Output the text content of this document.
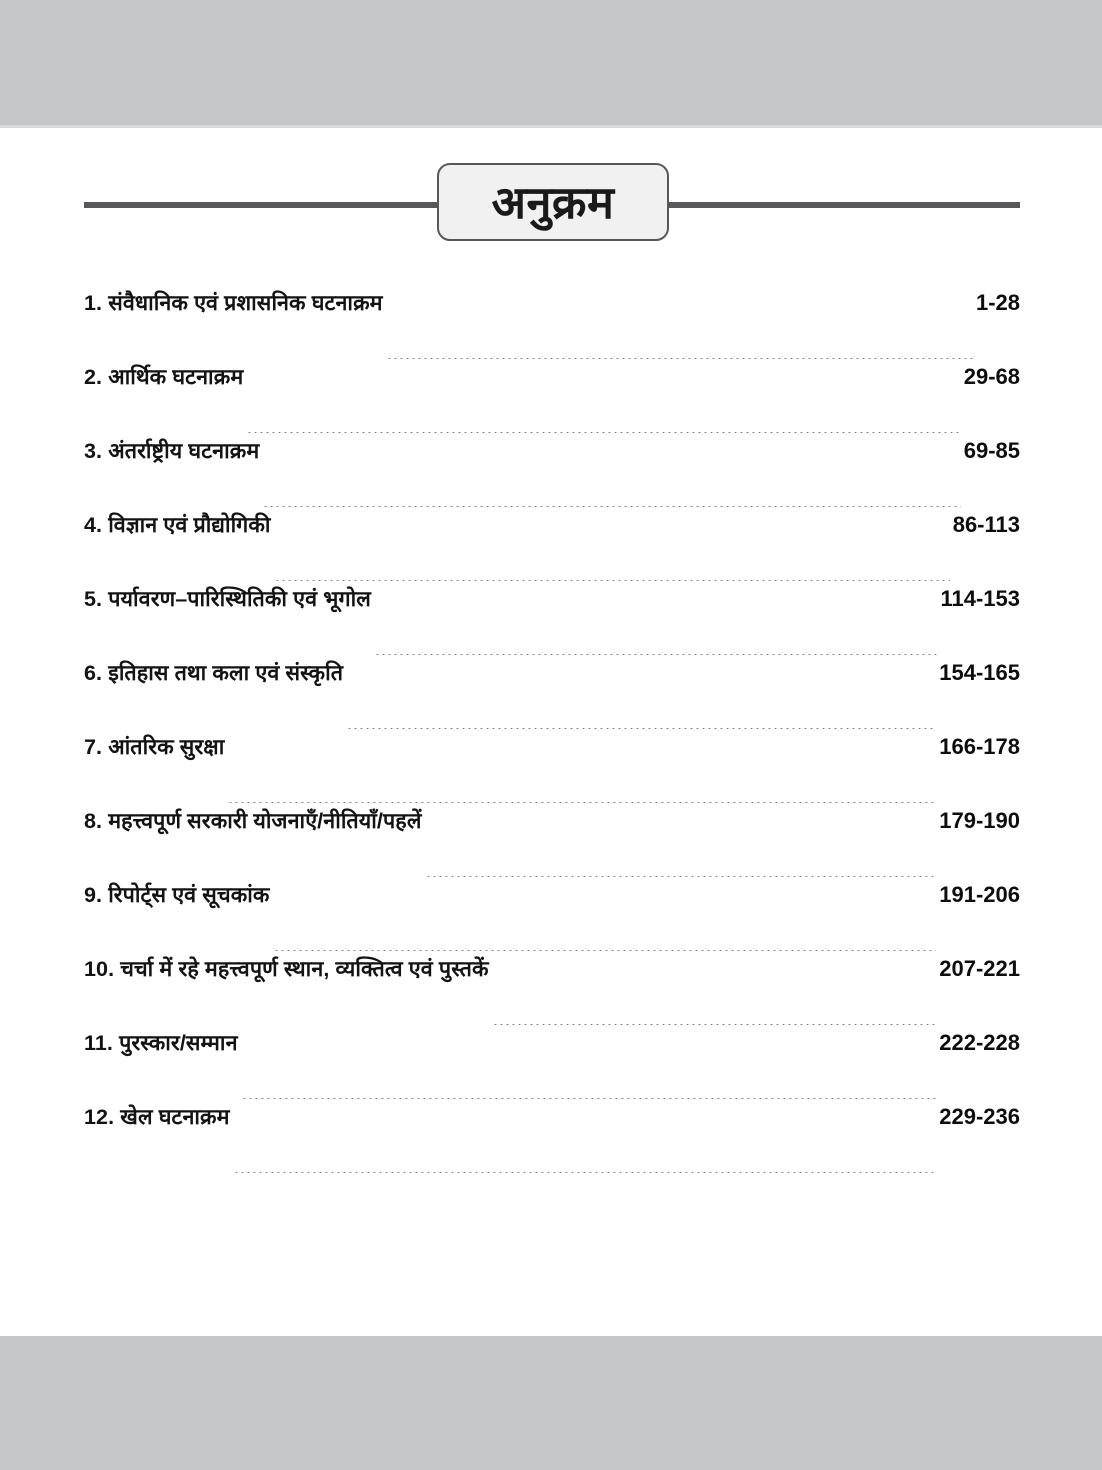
अनुक्रम
1. संवैधानिक एवं प्रशासनिक घटनाक्रम	1-28
2. आर्थिक घटनाक्रम	29-68
3. अंतर्राष्ट्रीय घटनाक्रम	69-85
4. विज्ञान एवं प्रौद्योगिकी	86-113
5. पर्यावरण–पारिस्थितिकी एवं भूगोल	114-153
6. इतिहास तथा कला एवं संस्कृति	154-165
7. आंतरिक सुरक्षा	166-178
8. महत्त्वपूर्ण सरकारी योजनाएँ/नीतियाँ/पहलें	179-190
9. रिपोर्ट्स एवं सूचकांक	191-206
10. चर्चा में रहे महत्त्वपूर्ण स्थान, व्यक्तित्व एवं पुस्तकें	207-221
11. पुरस्कार/सम्मान	222-228
12. खेल घटनाक्रम	229-236
